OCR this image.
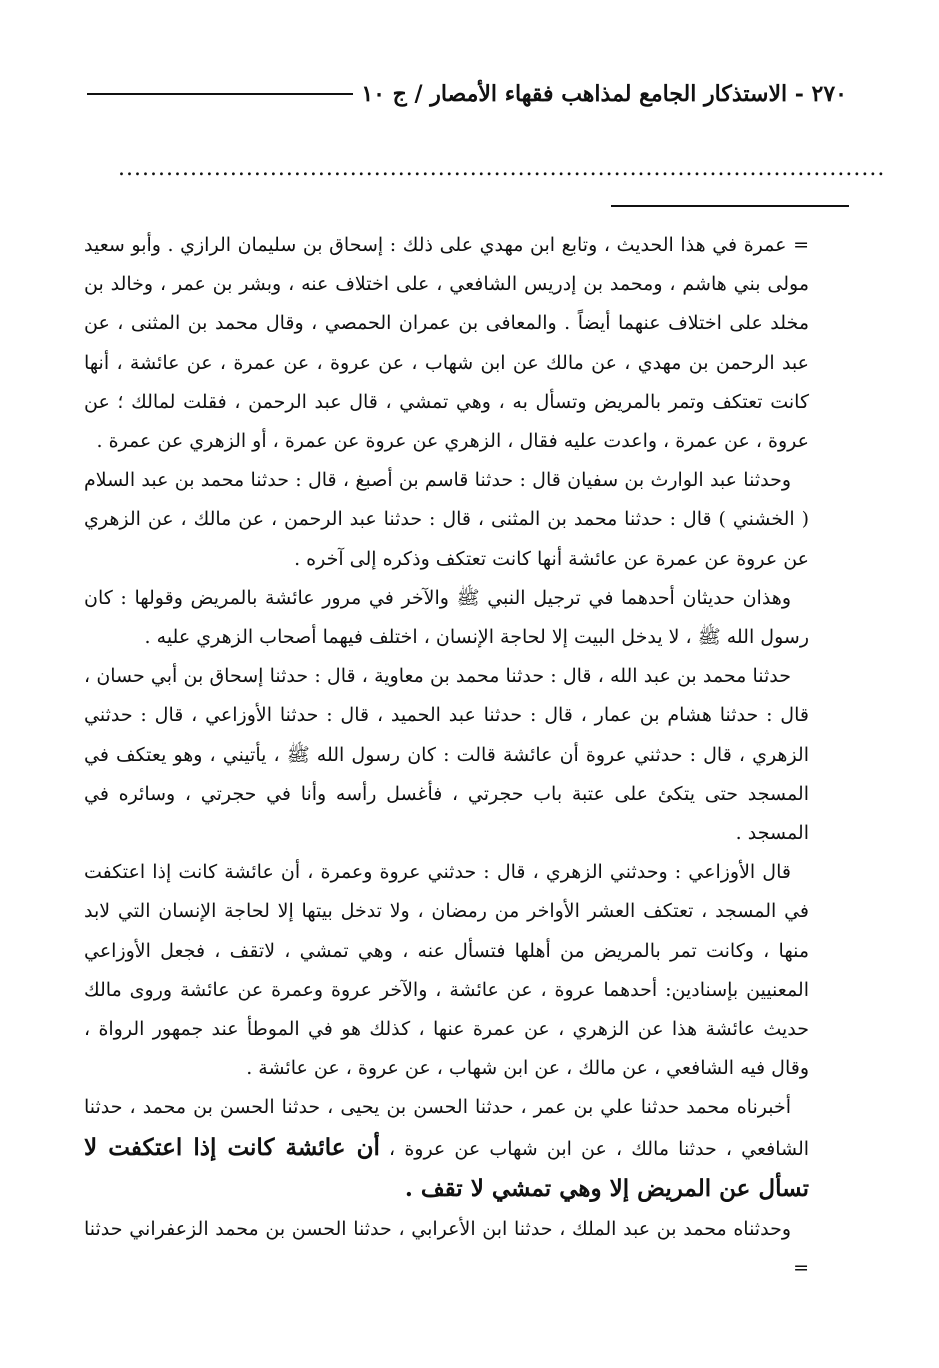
٢٧٠ - الاستذكار الجامع لمذاهب فقهاء الأمصار / ج ١٠
................................................................................................

= عمرة في هذا الحديث ، وتابع ابن مهدي على ذلك : إسحاق بن سليمان الرازي . وأبو سعيد مولى بني هاشم ، ومحمد بن إدريس الشافعي ، على اختلاف عنه ، وبشر بن عمر ، وخالد بن مخلد على اختلاف عنهما أيضاً . والمعافى بن عمران الحمصي ، وقال محمد بن المثنى ، عن عبد الرحمن بن مهدي ، عن مالك عن ابن شهاب ، عن عروة ، عن عمرة ، عن عائشة ، أنها كانت تعتكف وتمر بالمريض وتسأل به ، وهي تمشي ، قال عبد الرحمن ، فقلت لمالك ؛ عن عروة ، عن عمرة ، واعدت عليه فقال ، الزهري عن عروة عن عمرة ، أو الزهري عن عمرة .

وحدثنا عبد الوارث بن سفيان قال : حدثنا قاسم بن أصبغ ، قال : حدثنا محمد بن عبد السلام ( الخشني ) قال : حدثنا محمد بن المثنى ، قال : حدثنا عبد الرحمن ، عن مالك ، عن الزهري عن عروة عن عمرة عن عائشة أنها كانت تعتكف وذكره إلى آخره .

وهذان حديثان أحدهما في ترجيل النبي ﷺ والآخر في مرور عائشة بالمريض وقولها : كان رسول الله ﷺ ، لا يدخل البيت إلا لحاجة الإنسان ، اختلف فيهما أصحاب الزهري عليه .

حدثنا محمد بن عبد الله ، قال : حدثنا محمد بن معاوية ، قال : حدثنا إسحاق بن أبي حسان ، قال : حدثنا هشام بن عمار ، قال : حدثنا عبد الحميد ، قال : حدثنا الأوزاعي ، قال : حدثني الزهري ، قال : حدثني عروة أن عائشة قالت : كان رسول الله ﷺ ، يأتيني ، وهو يعتكف في المسجد حتى يتكئ على عتبة باب حجرتي ، فأغسل رأسه وأنا في حجرتي ، وسائره في المسجد .

قال الأوزاعي : وحدثني الزهري ، قال : حدثني عروة وعمرة ، أن عائشة كانت إذا اعتكفت في المسجد ، تعتكف العشر الأواخر من رمضان ، ولا تدخل بيتها إلا لحاجة الإنسان التي لابد منها ، وكانت تمر بالمريض من أهلها فتسأل عنه ، وهي تمشي ، لاتقف ، فجعل الأوزاعي المعنيين بإسنادين: أحدهما عروة ، عن عائشة ، والآخر عروة وعمرة عن عائشة وروى مالك حديث عائشة هذا عن الزهري ، عن عمرة عنها ، كذلك هو في الموطأ عند جمهور الرواة ، وقال فيه الشافعي ، عن مالك ، عن ابن شهاب ، عن عروة ، عن عائشة .

أخبرناه محمد حدثنا علي بن عمر ، حدثنا الحسن بن يحيى ، حدثنا الحسن بن محمد ، حدثنا الشافعي ، حدثنا مالك ، عن ابن شهاب عن عروة ، أن عائشة كانت إذا اعتكفت لا تسأل عن المريض إلا وهي تمشي لا تقف .

وحدثناه محمد بن عبد الملك ، حدثنا ابن الأعرابي ، حدثنا الحسن بن محمد الزعفراني حدثنا =
